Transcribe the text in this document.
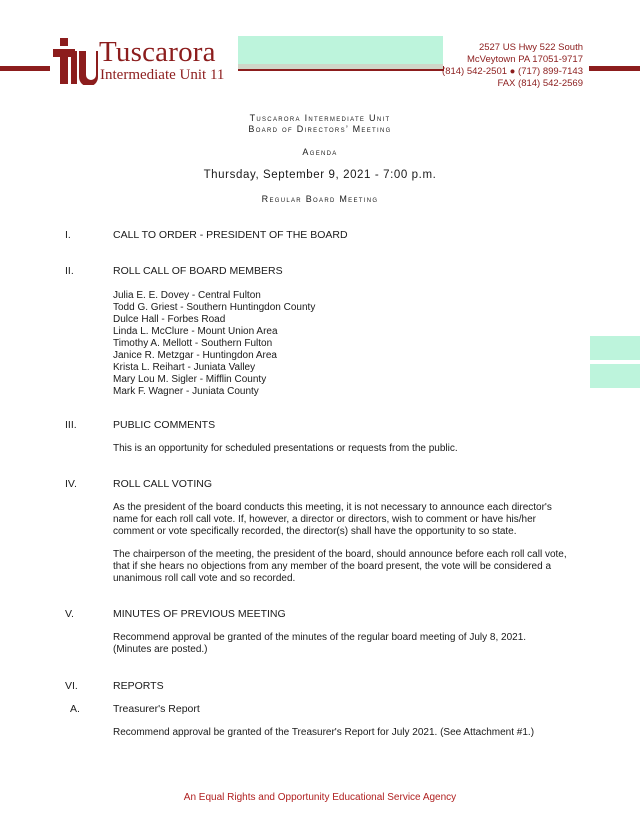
Tuscarora
Intermediate Unit 11
2527 US Hwy 522 South
McVeytown PA 17051-9717
(814) 542-2501 ● (717) 899-7143
FAX (814) 542-2569
Tuscarora Intermediate Unit
Board of Directors’ Meeting
Agenda
Thursday, September 9, 2021 - 7:00 p.m.
Regular Board Meeting
I.	CALL TO ORDER - PRESIDENT OF THE BOARD
II.	ROLL CALL OF BOARD MEMBERS
Julia E. E. Dovey - Central Fulton
Todd G. Griest - Southern Huntingdon County
Dulce Hall - Forbes Road
Linda L. McClure - Mount Union Area
Timothy A. Mellott - Southern Fulton
Janice R. Metzgar - Huntingdon Area
Krista L. Reihart - Juniata Valley
Mary Lou M. Sigler - Mifflin County
Mark F. Wagner - Juniata County
III.	PUBLIC COMMENTS
This is an opportunity for scheduled presentations or requests from the public.
IV.	ROLL CALL VOTING
As the president of the board conducts this meeting, it is not necessary to announce each director's
name for each roll call vote. If, however, a director or directors, wish to comment or have his/her
comment or vote specifically recorded, the director(s) shall have the opportunity to so state.
The chairperson of the meeting, the president of the board, should announce before each roll call vote,
that if she hears no objections from any member of the board present, the vote will be considered a
unanimous roll call vote and so recorded.
V.	MINUTES OF PREVIOUS MEETING
Recommend approval be granted of the minutes of the regular board meeting of July 8, 2021.
(Minutes are posted.)
VI.	REPORTS
A.	Treasurer's Report
Recommend approval be granted of the Treasurer's Report for July 2021. (See Attachment #1.)
An Equal Rights and Opportunity Educational Service Agency
